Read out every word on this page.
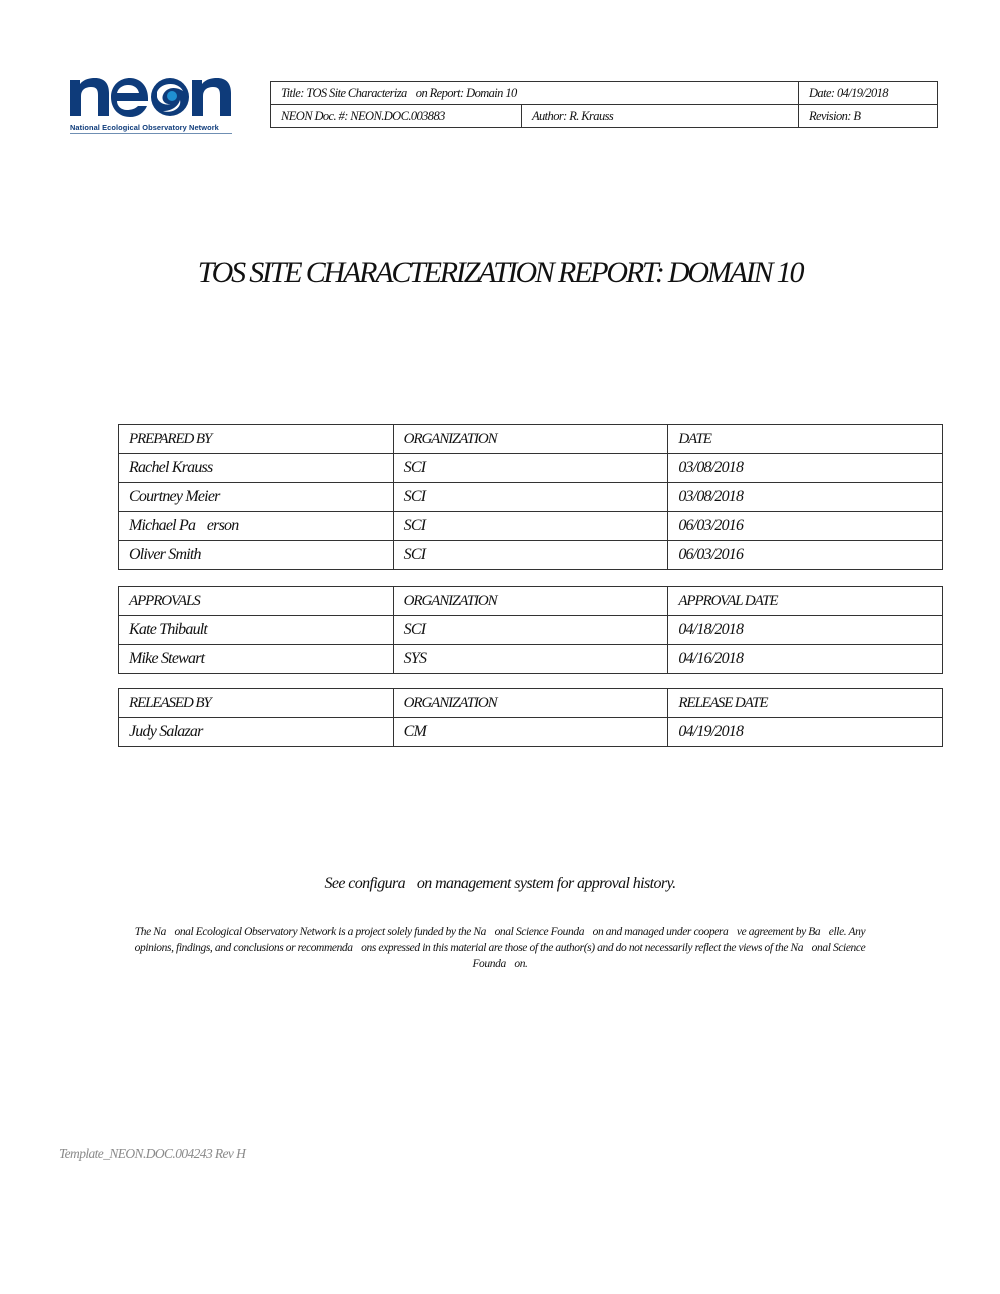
National Ecological Observatory Network
Title: TOS Site Characteriza on Report: Domain 10		Date: 04/19/2018
NEON Doc. #: NEON.DOC.003883	Author: R. Krauss	Revision: B
TOS SITE CHARACTERIZATION REPORT: DOMAIN 10
PREPARED BY	ORGANIZATION	DATE
Rachel Krauss	SCI	03/08/2018
Courtney Meier	SCI	03/08/2018
Michael Pa erson	SCI	06/03/2016
Oliver Smith	SCI	06/03/2016
APPROVALS	ORGANIZATION	APPROVAL DATE
Kate Thibault	SCI	04/18/2018
Mike Stewart	SYS	04/16/2018
RELEASED BY	ORGANIZATION	RELEASE DATE
Judy Salazar	CM	04/19/2018
See configura on management system for approval history.
The Na onal Ecological Observatory Network is a project solely funded by the Na onal Science Founda on and managed under coopera ve agreement by Ba elle. Any opinions, findings, and conclusions or recommenda ons expressed in this material are those of the author(s) and do not necessarily reflect the views of the Na onal Science Founda on.
Template_NEON.DOC.004243 Rev H
